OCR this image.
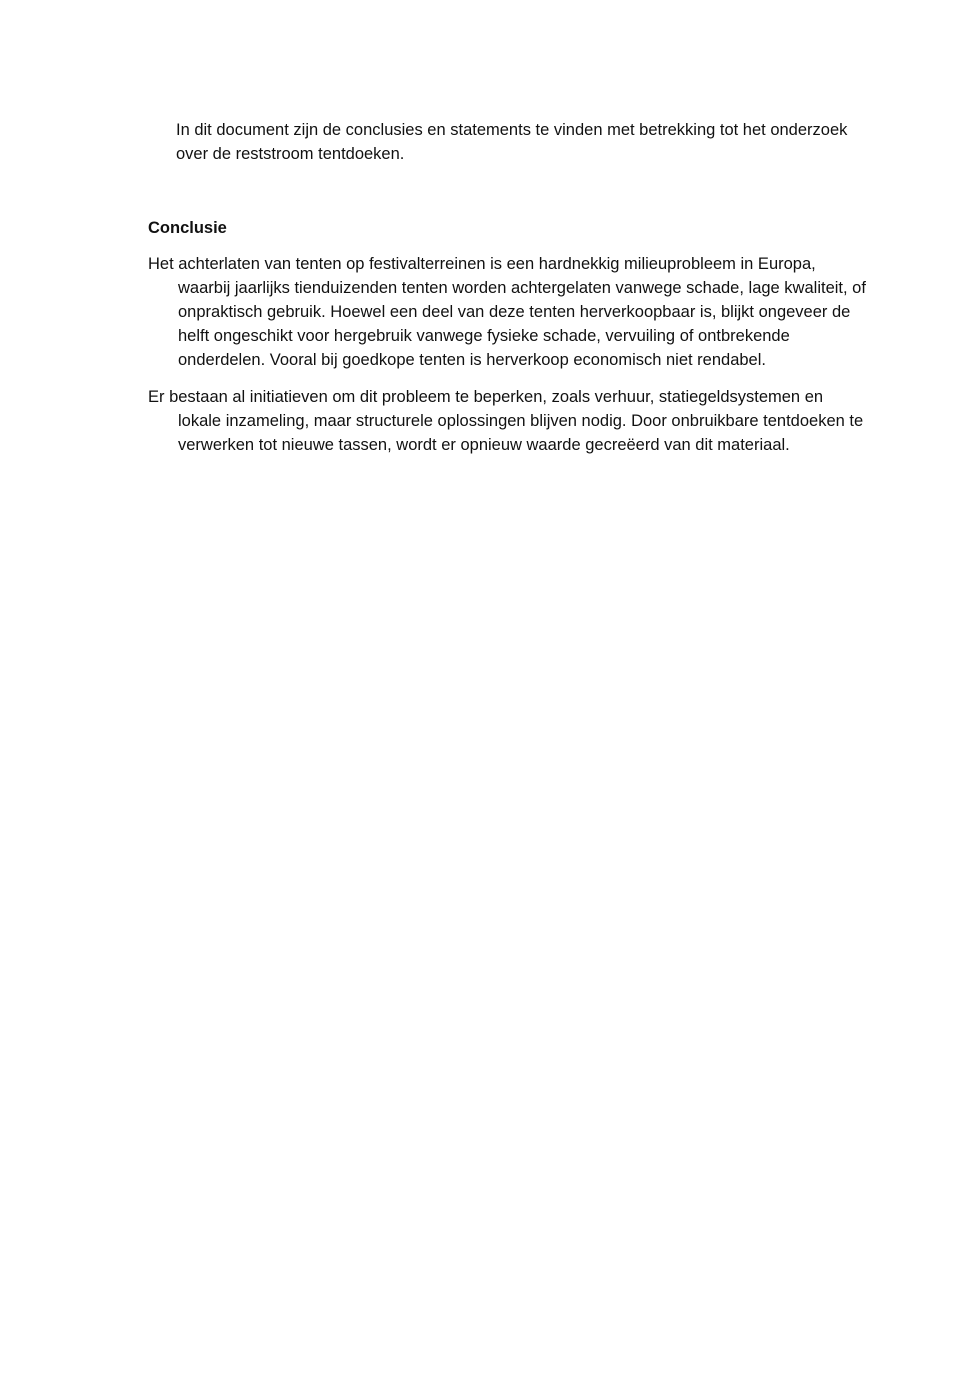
In dit document zijn de conclusies en statements te vinden met betrekking tot het onderzoek over de reststroom tentdoeken.

Conclusie

Het achterlaten van tenten op festivalterreinen is een hardnekkig milieuprobleem in Europa, waarbij jaarlijks tienduizenden tenten worden achtergelaten vanwege schade, lage kwaliteit, of onpraktisch gebruik. Hoewel een deel van deze tenten herverkoopbaar is, blijkt ongeveer de helft ongeschikt voor hergebruik vanwege fysieke schade, vervuiling of ontbrekende onderdelen. Vooral bij goedkope tenten is herverkoop economisch niet rendabel.

Er bestaan al initiatieven om dit probleem te beperken, zoals verhuur, statiegeldsystemen en lokale inzameling, maar structurele oplossingen blijven nodig. Door onbruikbare tentdoeken te verwerken tot nieuwe tassen, wordt er opnieuw waarde gecreëerd van dit materiaal.
